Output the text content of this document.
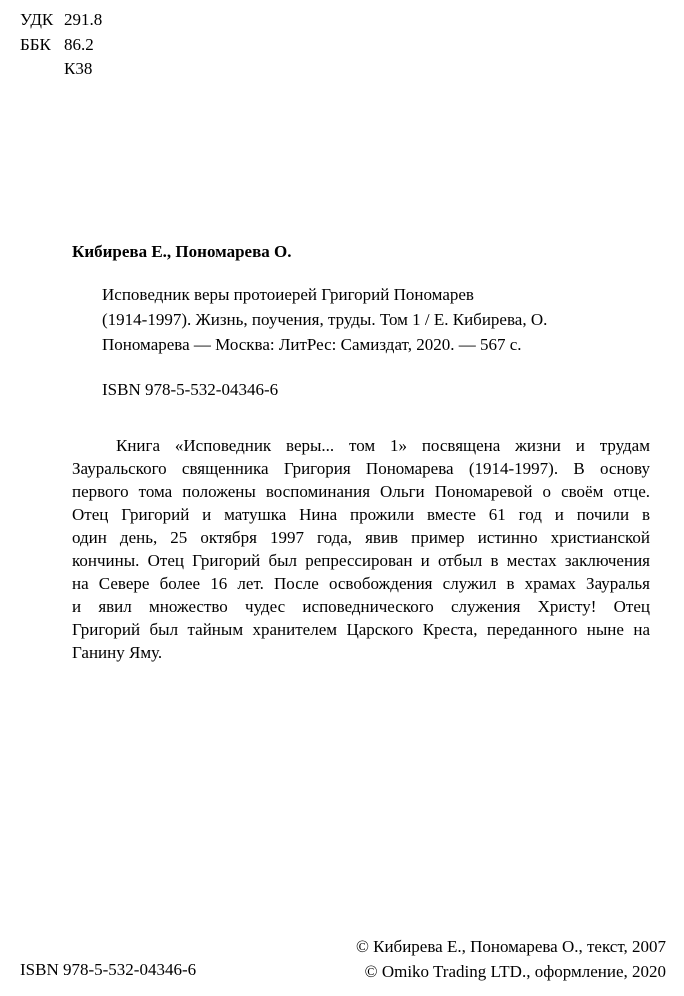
УДК 291.8
ББК 86.2
К38
Кибирева Е., Пономарева О.
Исповедник веры протоиерей Григорий Пономарев
(1914-1997). Жизнь, поучения, труды. Том 1 / Е. Кибирева, О.
Пономарева — Москва: ЛитРес: Самиздат, 2020. — 567 с.
ISBN 978-5-532-04346-6
Книга «Исповедник веры... том 1» посвящена жизни и трудам
Зауральского священника Григория Пономарева (1914-1997). В основу
первого тома положены воспоминания Ольги Пономаревой о своём отце.
Отец Григорий и матушка Нина прожили вместе 61 год и почили в
один день, 25 октября 1997 года, явив пример истинно христианской
кончины. Отец Григорий был репрессирован и отбыл в местах заключения
на Севере более 16 лет. После освобождения служил в храмах Зауралья
и явил множество чудес исповеднического служения Христу! Отец
Григорий был тайным хранителем Царского Креста, переданного ныне на
Ганину Яму.
© Кибирева Е., Пономарева О., текст, 2007
© Omiko Trading LTD., оформление, 2020
ISBN 978-5-532-04346-6
